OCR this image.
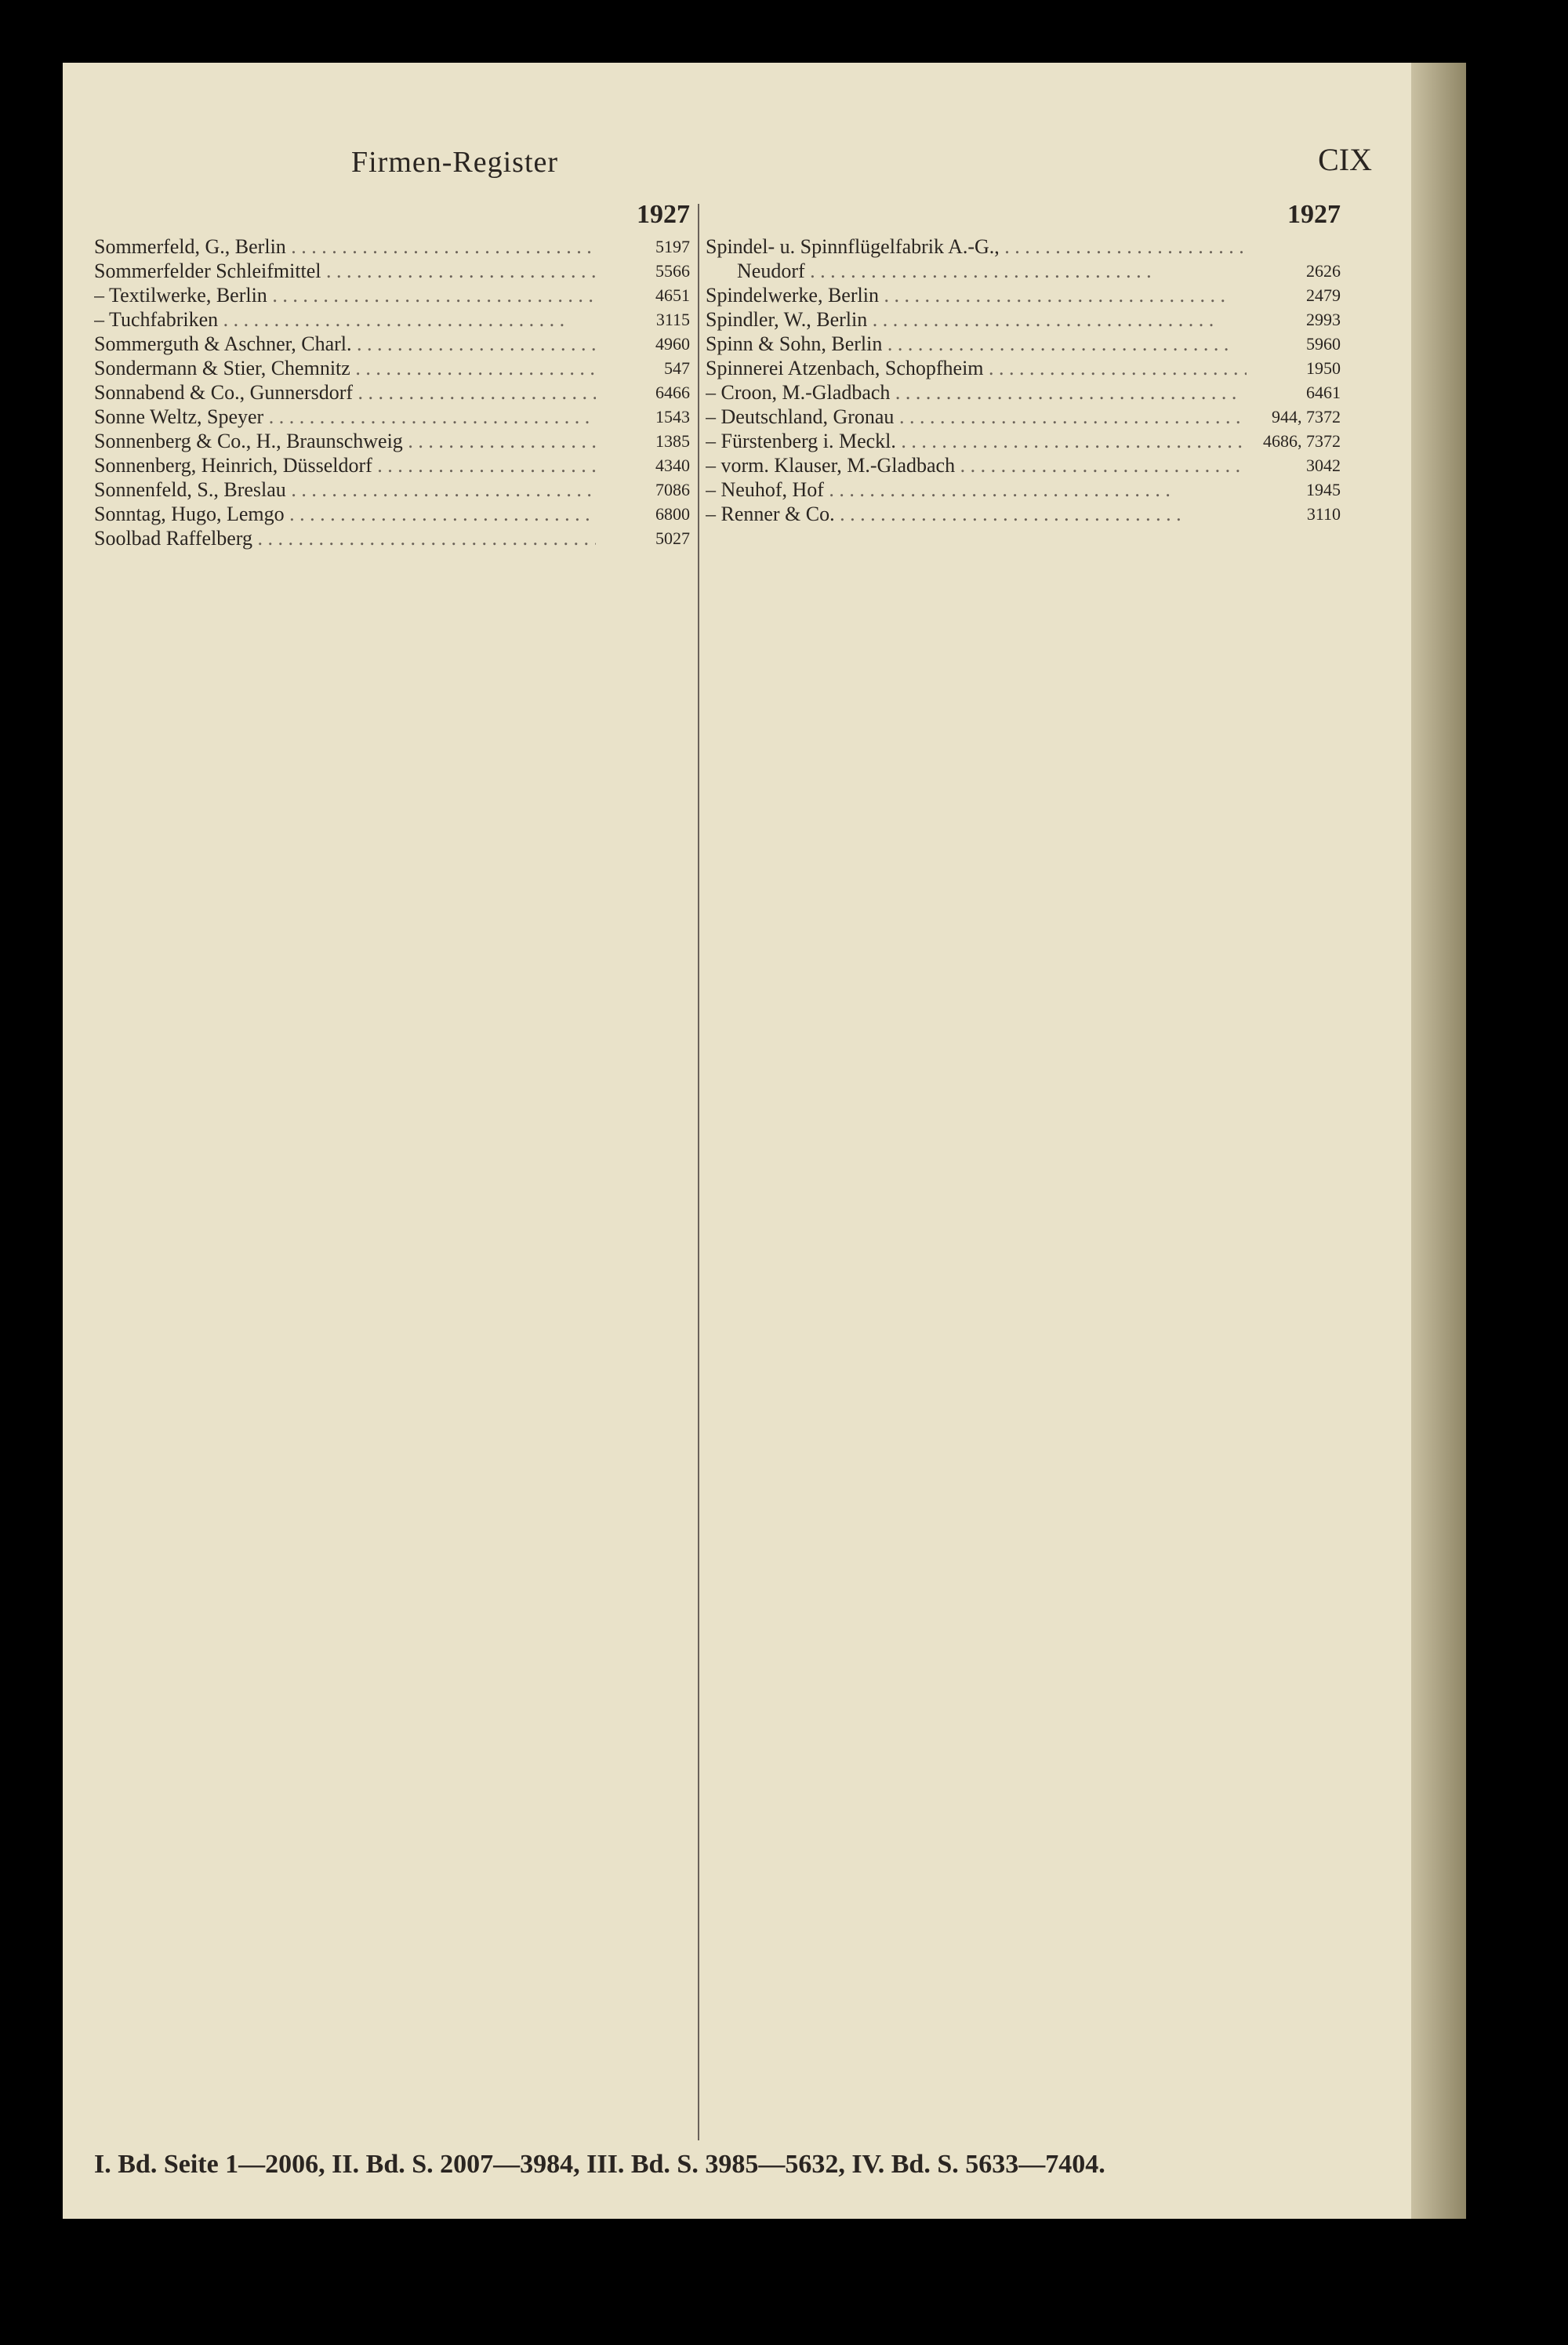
Firmen-Register	CIX
1927
Sommerfeld, G., Berlin . . .	5197
Sommerfelder Schleifmittel . . .	5566
– Textilwerke, Berlin . . .	4651
– Tuchfabriken . . .	3115
Sommerguth & Aschner, Charl. . . .	4960
Sondermann & Stier, Chemnitz . . .	547
Sonnabend & Co., Gunnersdorf . . .	6466
Sonne Weltz, Speyer . . .	1543
Sonnenberg & Co., H., Braunschweig . . .	1385
Sonnenberg, Heinrich, Düsseldorf . . .	4340
Sonnenfeld, S., Breslau . . .	7086
Sonntag, Hugo, Lemgo . . .	6800
Soolbad Raffelberg . . .	5027
1927
Spindel- u. Spinnflügelfabrik A.-G., . . .
Neudorf . . .	2626
Spindelwerke, Berlin . . .	2479
Spindler, W., Berlin . . .	2993
Spinn & Sohn, Berlin . . .	5960
Spinnerei Atzenbach, Schopfheim . . .	1950
– Croon, M.-Gladbach . . .	6461
– Deutschland, Gronau . . .	944, 7372
– Fürstenberg i. Meckl. . . .	4686, 7372
– vorm. Klauser, M.-Gladbach . . .	3042
– Neuhof, Hof . . .	1945
– Renner & Co. . . .	3110
I. Bd. Seite 1—2006, II. Bd. S. 2007—3984, III. Bd. S. 3985—5632, IV. Bd. S. 5633—7404.
